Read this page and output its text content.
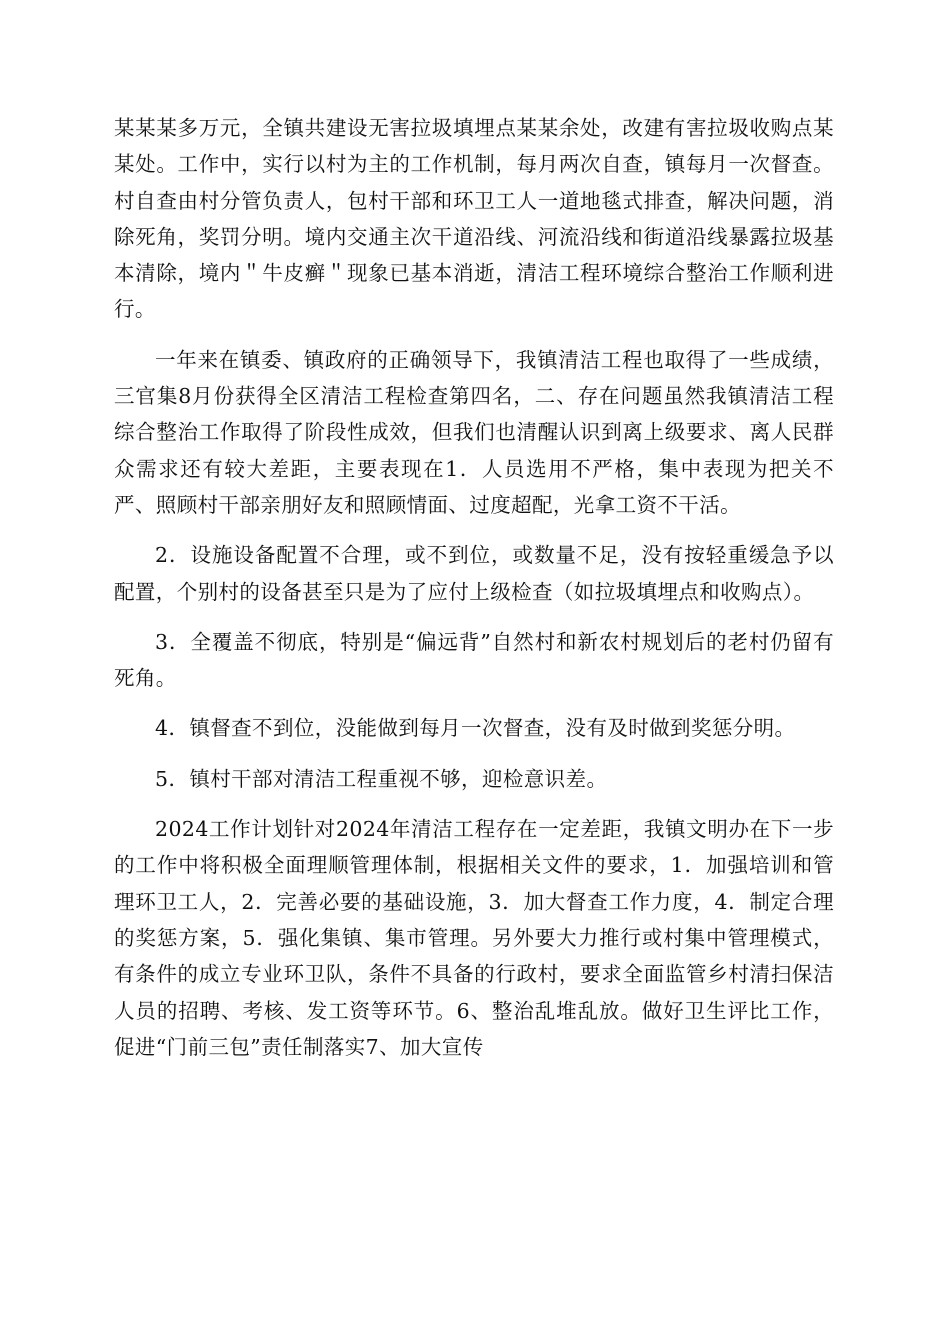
某某某多万元，全镇共建设无害拉圾填埋点某某余处，改建有害拉圾收购点某某处。工作中，实行以村为主的工作机制，每月两次自查，镇每月一次督查。村自查由村分管负责人，包村干部和环卫工人一道地毯式排查，解决问题，消除死角，奖罚分明。境内交通主次干道沿线、河流沿线和街道沿线暴露拉圾基本清除，境内＂牛皮癣＂现象已基本消逝，清洁工程环境综合整治工作顺利进行。

一年来在镇委、镇政府的正确领导下，我镇清洁工程也取得了一些成绩，三官集8月份获得全区清洁工程检查第四名，二、存在问题虽然我镇清洁工程综合整治工作取得了阶段性成效，但我们也清醒认识到离上级要求、离人民群众需求还有较大差距，主要表现在1．人员选用不严格，集中表现为把关不严、照顾村干部亲朋好友和照顾情面、过度超配，光拿工资不干活。

2．设施设备配置不合理，或不到位，或数量不足，没有按轻重缓急予以配置，个别村的设备甚至只是为了应付上级检查（如拉圾填埋点和收购点）。

3．全覆盖不彻底，特别是“偏远背”自然村和新农村规划后的老村仍留有死角。

4．镇督查不到位，没能做到每月一次督查，没有及时做到奖惩分明。

5．镇村干部对清洁工程重视不够，迎检意识差。

2024工作计划针对2024年清洁工程存在一定差距，我镇文明办在下一步的工作中将积极全面理顺管理体制，根据相关文件的要求，1．加强培训和管理环卫工人，2．完善必要的基础设施，3．加大督查工作力度，4．制定合理的奖惩方案，5．强化集镇、集市管理。另外要大力推行或村集中管理模式，有条件的成立专业环卫队，条件不具备的行政村，要求全面监管乡村清扫保洁人员的招聘、考核、发工资等环节。6、整治乱堆乱放。做好卫生评比工作，促进“门前三包”责任制落实7、加大宣传
